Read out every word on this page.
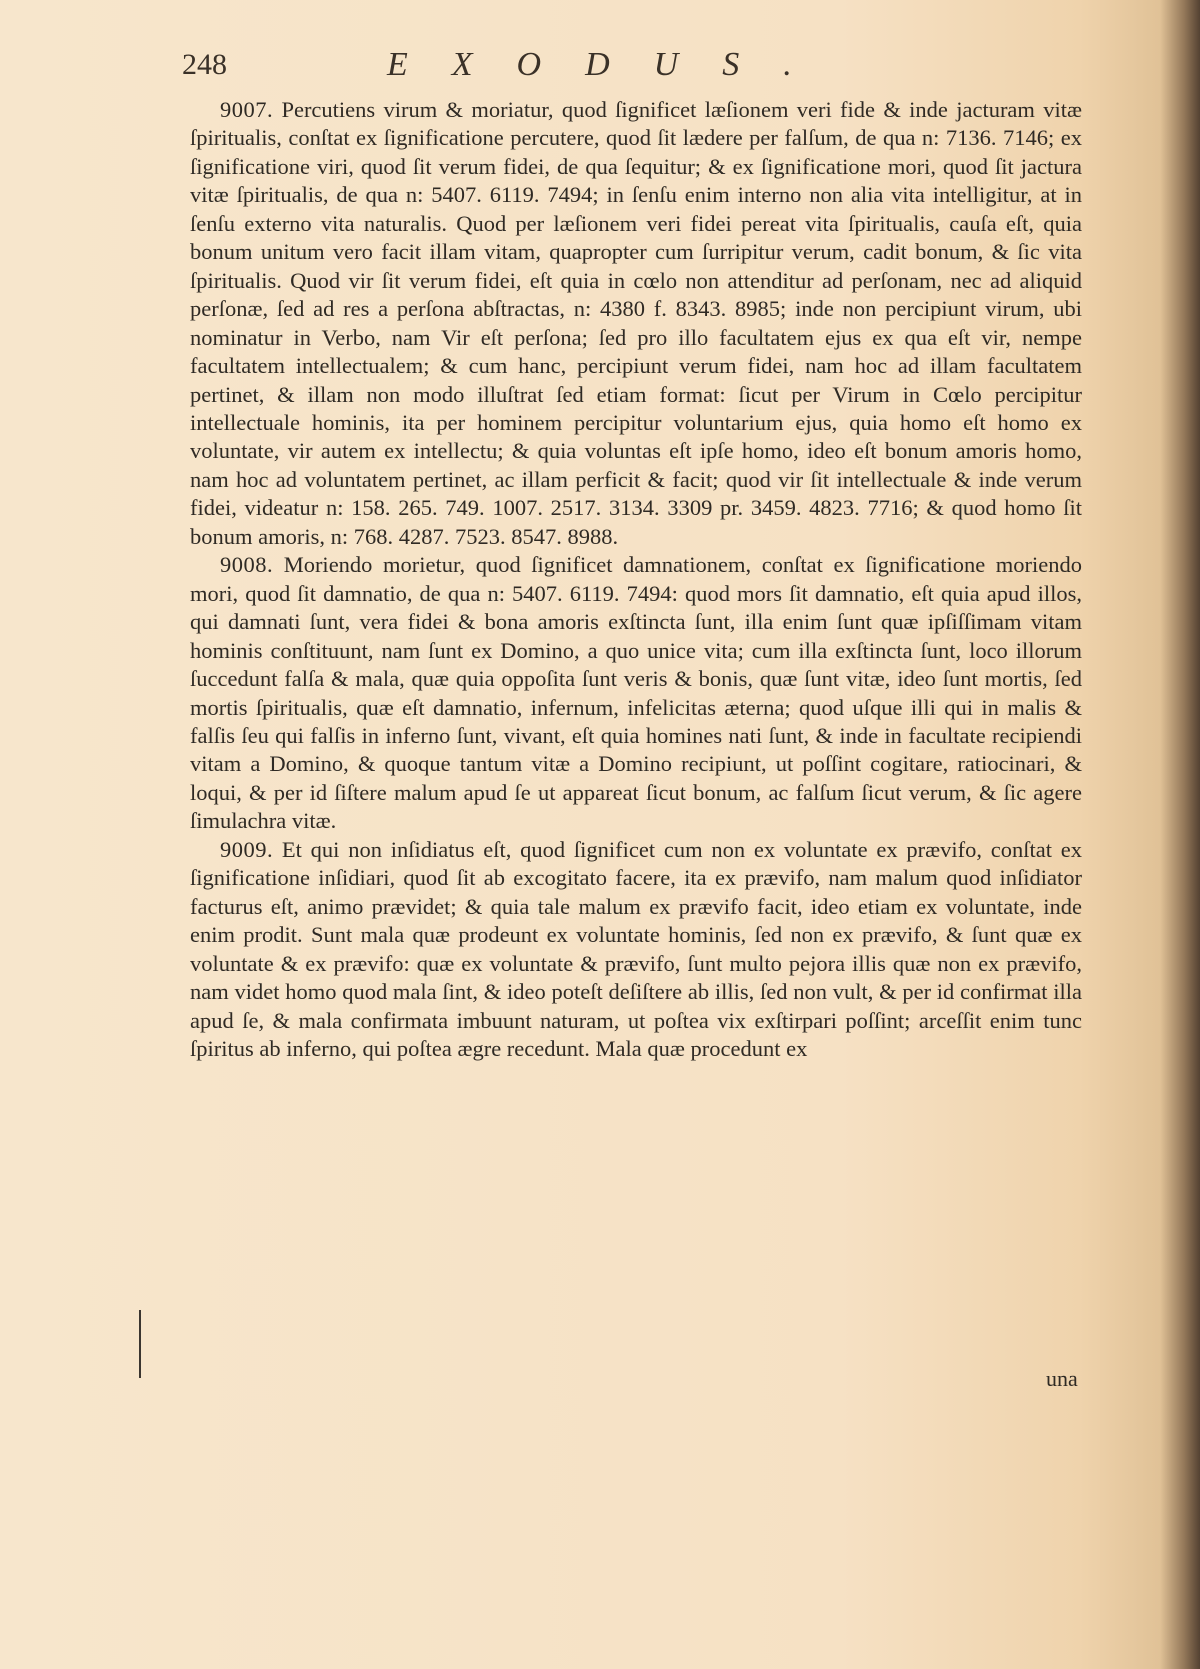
248	EXODUS.

9007. Percutiens virum & moriatur, quod ſignificet læſionem veri fide & inde jacturam vitæ ſpiritualis, conſtat ex ſignificatione percutere, quod ſit lædere per falſum, de qua n: 7136. 7146; ex ſignificatione viri, quod ſit verum fidei, de qua ſequitur; & ex ſignificatione mori, quod ſit jactura vitæ ſpiritualis, de qua n: 5407. 6119. 7494; in ſenſu enim interno non alia vita intelligitur, at in ſenſu externo vita naturalis. Quod per læſionem veri fidei pereat vita ſpiritualis, cauſa eſt, quia bonum unitum vero facit illam vitam, quapropter cum ſurripitur verum, cadit bonum, & ſic vita ſpiritualis. Quod vir ſit verum fidei, eſt quia in cœlo non attenditur ad perſonam, nec ad aliquid perſonæ, ſed ad res a perſona abſtractas, n: 4380 f. 8343. 8985; inde non percipiunt virum, ubi nominatur in Verbo, nam Vir eſt perſona; ſed pro illo facultatem ejus ex qua eſt vir, nempe facultatem intellectualem; & cum hanc, percipiunt verum fidei, nam hoc ad illam facultatem pertinet, & illam non modo illuſtrat ſed etiam format: ſicut per Virum in Cœlo percipitur intellectuale hominis, ita per hominem percipitur voluntarium ejus, quia homo eſt homo ex voluntate, vir autem ex intellectu; & quia voluntas eſt ipſe homo, ideo eſt bonum amoris homo, nam hoc ad voluntatem pertinet, ac illam perficit & facit; quod vir ſit intellectuale & inde verum fidei, videatur n: 158. 265. 749. 1007. 2517. 3134. 3309 pr. 3459. 4823. 7716; & quod homo ſit bonum amoris, n: 768. 4287. 7523. 8547. 8988.

9008. Moriendo morietur, quod ſignificet damnationem, conſtat ex ſignificatione moriendo mori, quod ſit damnatio, de qua n: 5407. 6119. 7494: quod mors ſit damnatio, eſt quia apud illos, qui damnati ſunt, vera fidei & bona amoris exſtincta ſunt, illa enim ſunt quæ ipſiſſimam vitam hominis conſtituunt, nam ſunt ex Domino, a quo unice vita; cum illa exſtincta ſunt, loco illorum ſuccedunt falſa & mala, quæ quia oppoſita ſunt veris & bonis, quæ ſunt vitæ, ideo ſunt mortis, ſed mortis ſpiritualis, quæ eſt damnatio, infernum, infelicitas æterna; quod uſque illi qui in malis & falſis ſeu qui falſis in inferno ſunt, vivant, eſt quia homines nati ſunt, & inde in facultate recipiendi vitam a Domino, & quoque tantum vitæ a Domino recipiunt, ut poſſint cogitare, ratiocinari, & loqui, & per id ſiſtere malum apud ſe ut appareat ſicut bonum, ac falſum ſicut verum, & ſic agere ſimulachra vitæ.

9009. Et qui non inſidiatus eſt, quod ſignificet cum non ex voluntate ex prævifo, conſtat ex ſignificatione inſidiari, quod ſit ab excogitato facere, ita ex prævifo, nam malum quod inſidiator facturus eſt, animo prævidet; & quia tale malum ex prævifo facit, ideo etiam ex voluntate, inde enim prodit. Sunt mala quæ prodeunt ex voluntate hominis, ſed non ex prævifo, & ſunt quæ ex voluntate & ex prævifo: quæ ex voluntate & prævifo, ſunt multo pejora illis quæ non ex prævifo, nam videt homo quod mala ſint, & ideo poteſt deſiſtere ab illis, ſed non vult, & per id confirmat illa apud ſe, & mala confirmata imbuunt naturam, ut poſtea vix exſtirpari poſſint; arceſſit enim tunc ſpiritus ab inferno, qui poſtea ægre recedunt. Mala quæ procedunt ex

una
